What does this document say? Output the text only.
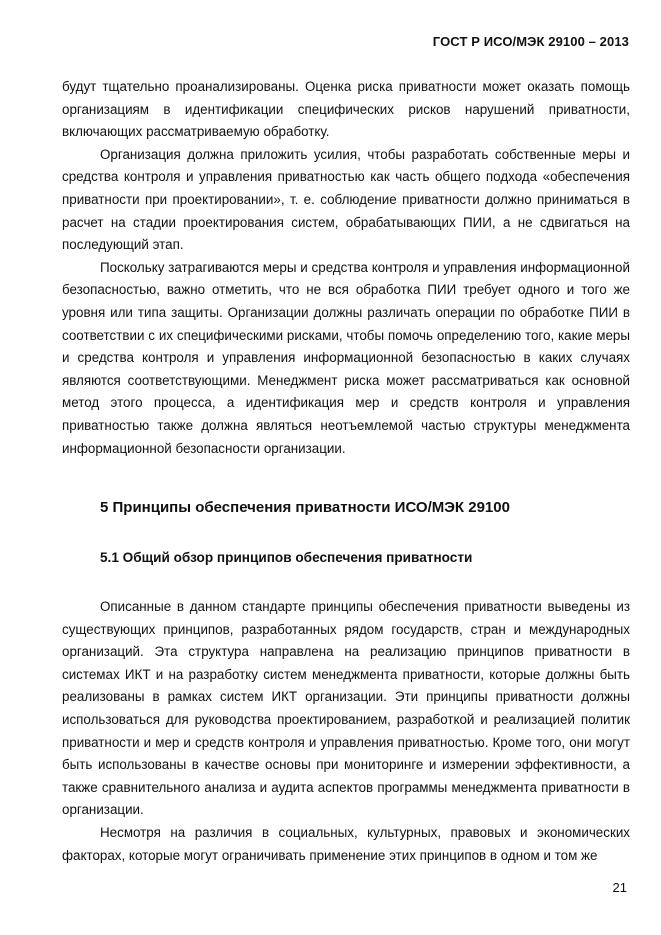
ГОСТ Р ИСО/МЭК 29100 – 2013

будут тщательно проанализированы. Оценка риска приватности может оказать помощь организациям в идентификации специфических рисков нарушений приватности, включающих рассматриваемую обработку.

Организация должна приложить усилия, чтобы разработать собственные меры и средства контроля и управления приватностью как часть общего подхода «обеспечения приватности при проектировании», т. е. соблюдение приватности должно приниматься в расчет на стадии проектирования систем, обрабатывающих ПИИ, а не сдвигаться на последующий этап.

Поскольку затрагиваются меры и средства контроля и управления информационной безопасностью, важно отметить, что не вся обработка ПИИ требует одного и того же уровня или типа защиты. Организации должны различать операции по обработке ПИИ в соответствии с их специфическими рисками, чтобы помочь определению того, какие меры и средства контроля и управления информационной безопасностью в каких случаях являются соответствующими. Менеджмент риска может рассматриваться как основной метод этого процесса, а идентификация мер и средств контроля и управления приватностью также должна являться неотъемлемой частью структуры менеджмента информационной безопасности организации.

5 Принципы обеспечения приватности ИСО/МЭК 29100
5.1 Общий обзор принципов обеспечения приватности

Описанные в данном стандарте принципы обеспечения приватности выведены из существующих принципов, разработанных рядом государств, стран и международных организаций. Эта структура направлена на реализацию принципов приватности в системах ИКТ и на разработку систем менеджмента приватности, которые должны быть реализованы в рамках систем ИКТ организации. Эти принципы приватности должны использоваться для руководства проектированием, разработкой и реализацией политик приватности и мер и средств контроля и управления приватностью. Кроме того, они могут быть использованы в качестве основы при мониторинге и измерении эффективности, а также сравнительного анализа и аудита аспектов программы менеджмента приватности в организации.

Несмотря на различия в социальных, культурных, правовых и экономических факторах, которые могут ограничивать применение этих принципов в одном и том же

21
